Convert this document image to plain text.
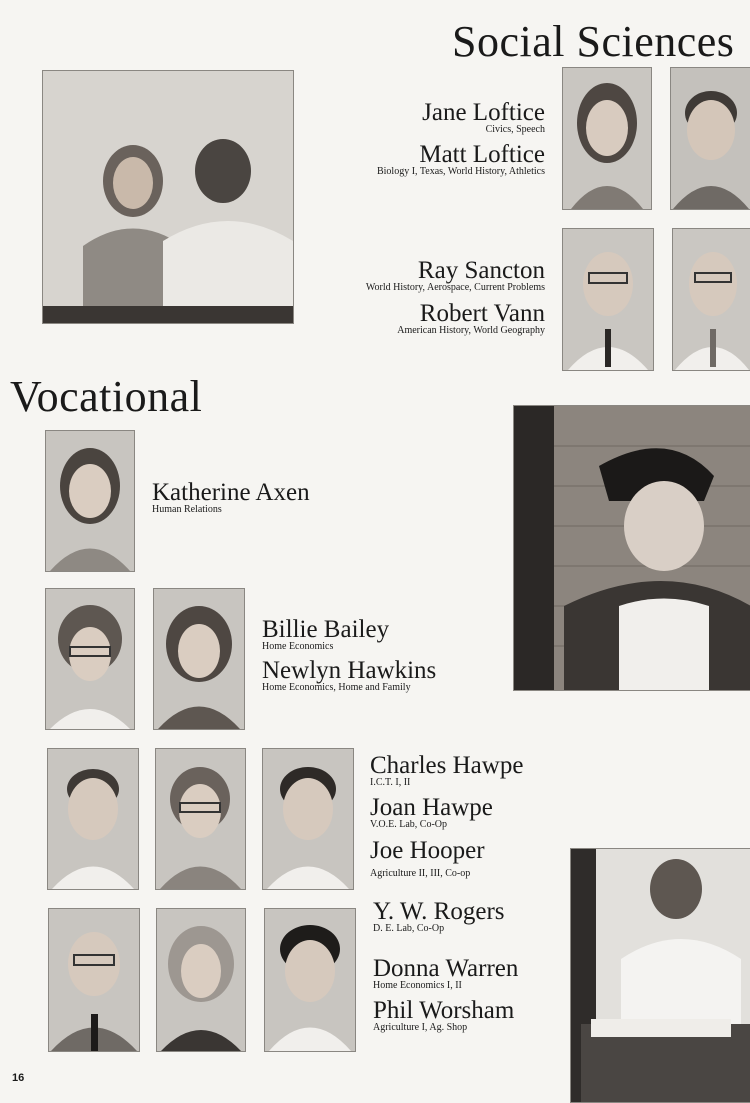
Social Sciences
Vocational
Jane Loftice
Civics, Speech
Matt Loftice
Biology I, Texas, World History, Athletics
Ray Sancton
World History, Aerospace, Current Problems
Robert Vann
American History, World Geography
Katherine Axen
Human Relations
Billie Bailey
Home Economics
Newlyn Hawkins
Home Economics, Home and Family
Charles Hawpe
I.C.T. I, II
Joan Hawpe
V.O.E. Lab, Co-Op
Joe Hooper
Agriculture II, III, Co-op
Y. W. Rogers
D. E. Lab, Co-Op
Donna Warren
Home Economics I, II
Phil Worsham
Agriculture I, Ag. Shop
16
